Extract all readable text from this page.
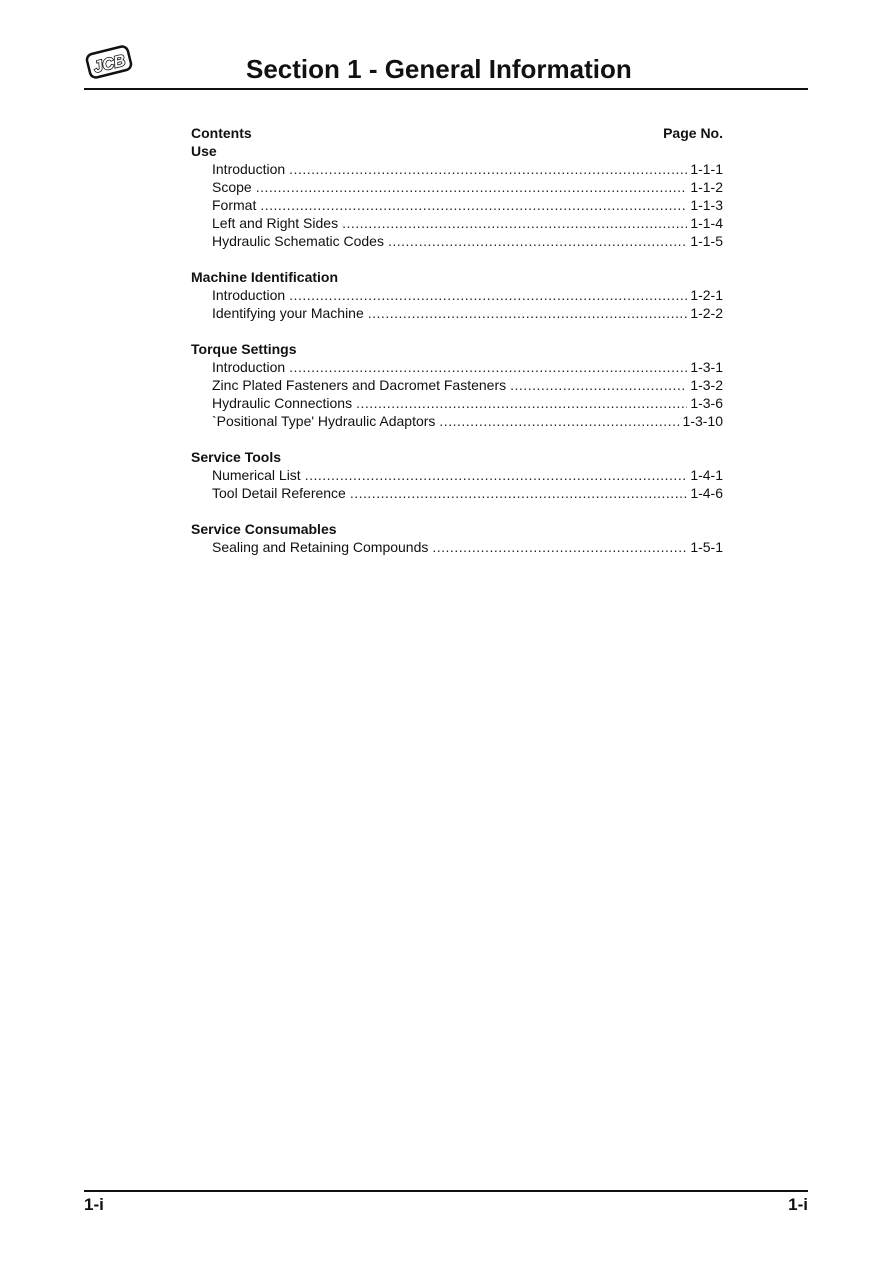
JCB	Section 1 - General Information
Contents	Page No.
Use
Introduction .....	1-1-1
Scope .....	1-1-2
Format .....	1-1-3
Left and Right Sides .....	1-1-4
Hydraulic Schematic Codes .....	1-1-5
Machine Identification
Introduction .....	1-2-1
Identifying your Machine .....	1-2-2
Torque Settings
Introduction .....	1-3-1
Zinc Plated Fasteners and Dacromet Fasteners .....	1-3-2
Hydraulic Connections .....	1-3-6
`Positional Type' Hydraulic Adaptors .....	1-3-10
Service Tools
Numerical List .....	1-4-1
Tool Detail Reference .....	1-4-6
Service Consumables
Sealing and Retaining Compounds .....	1-5-1
1-i	1-i
